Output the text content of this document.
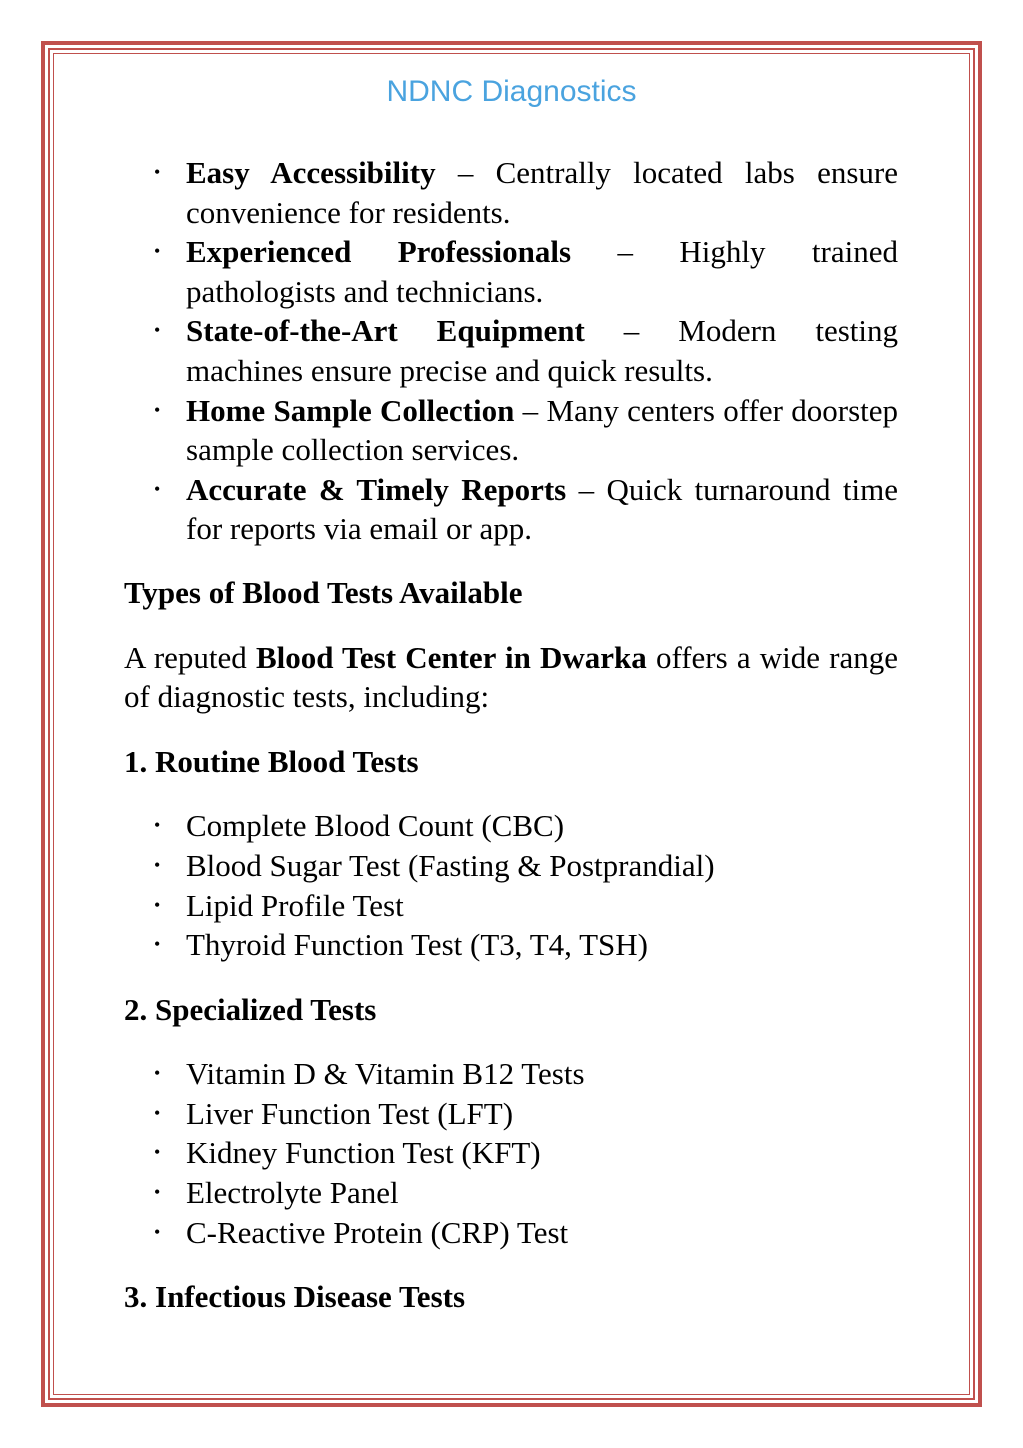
NDNC Diagnostics
• Easy Accessibility – Centrally located labs ensure convenience for residents.
• Experienced Professionals – Highly trained pathologists and technicians.
• State-of-the-Art Equipment – Modern testing machines ensure precise and quick results.
• Home Sample Collection – Many centers offer doorstep sample collection services.
• Accurate & Timely Reports – Quick turnaround time for reports via email or app.

Types of Blood Tests Available

A reputed Blood Test Center in Dwarka offers a wide range of diagnostic tests, including:

1. Routine Blood Tests

• Complete Blood Count (CBC)
• Blood Sugar Test (Fasting & Postprandial)
• Lipid Profile Test
• Thyroid Function Test (T3, T4, TSH)

2. Specialized Tests

• Vitamin D & Vitamin B12 Tests
• Liver Function Test (LFT)
• Kidney Function Test (KFT)
• Electrolyte Panel
• C-Reactive Protein (CRP) Test

3. Infectious Disease Tests
